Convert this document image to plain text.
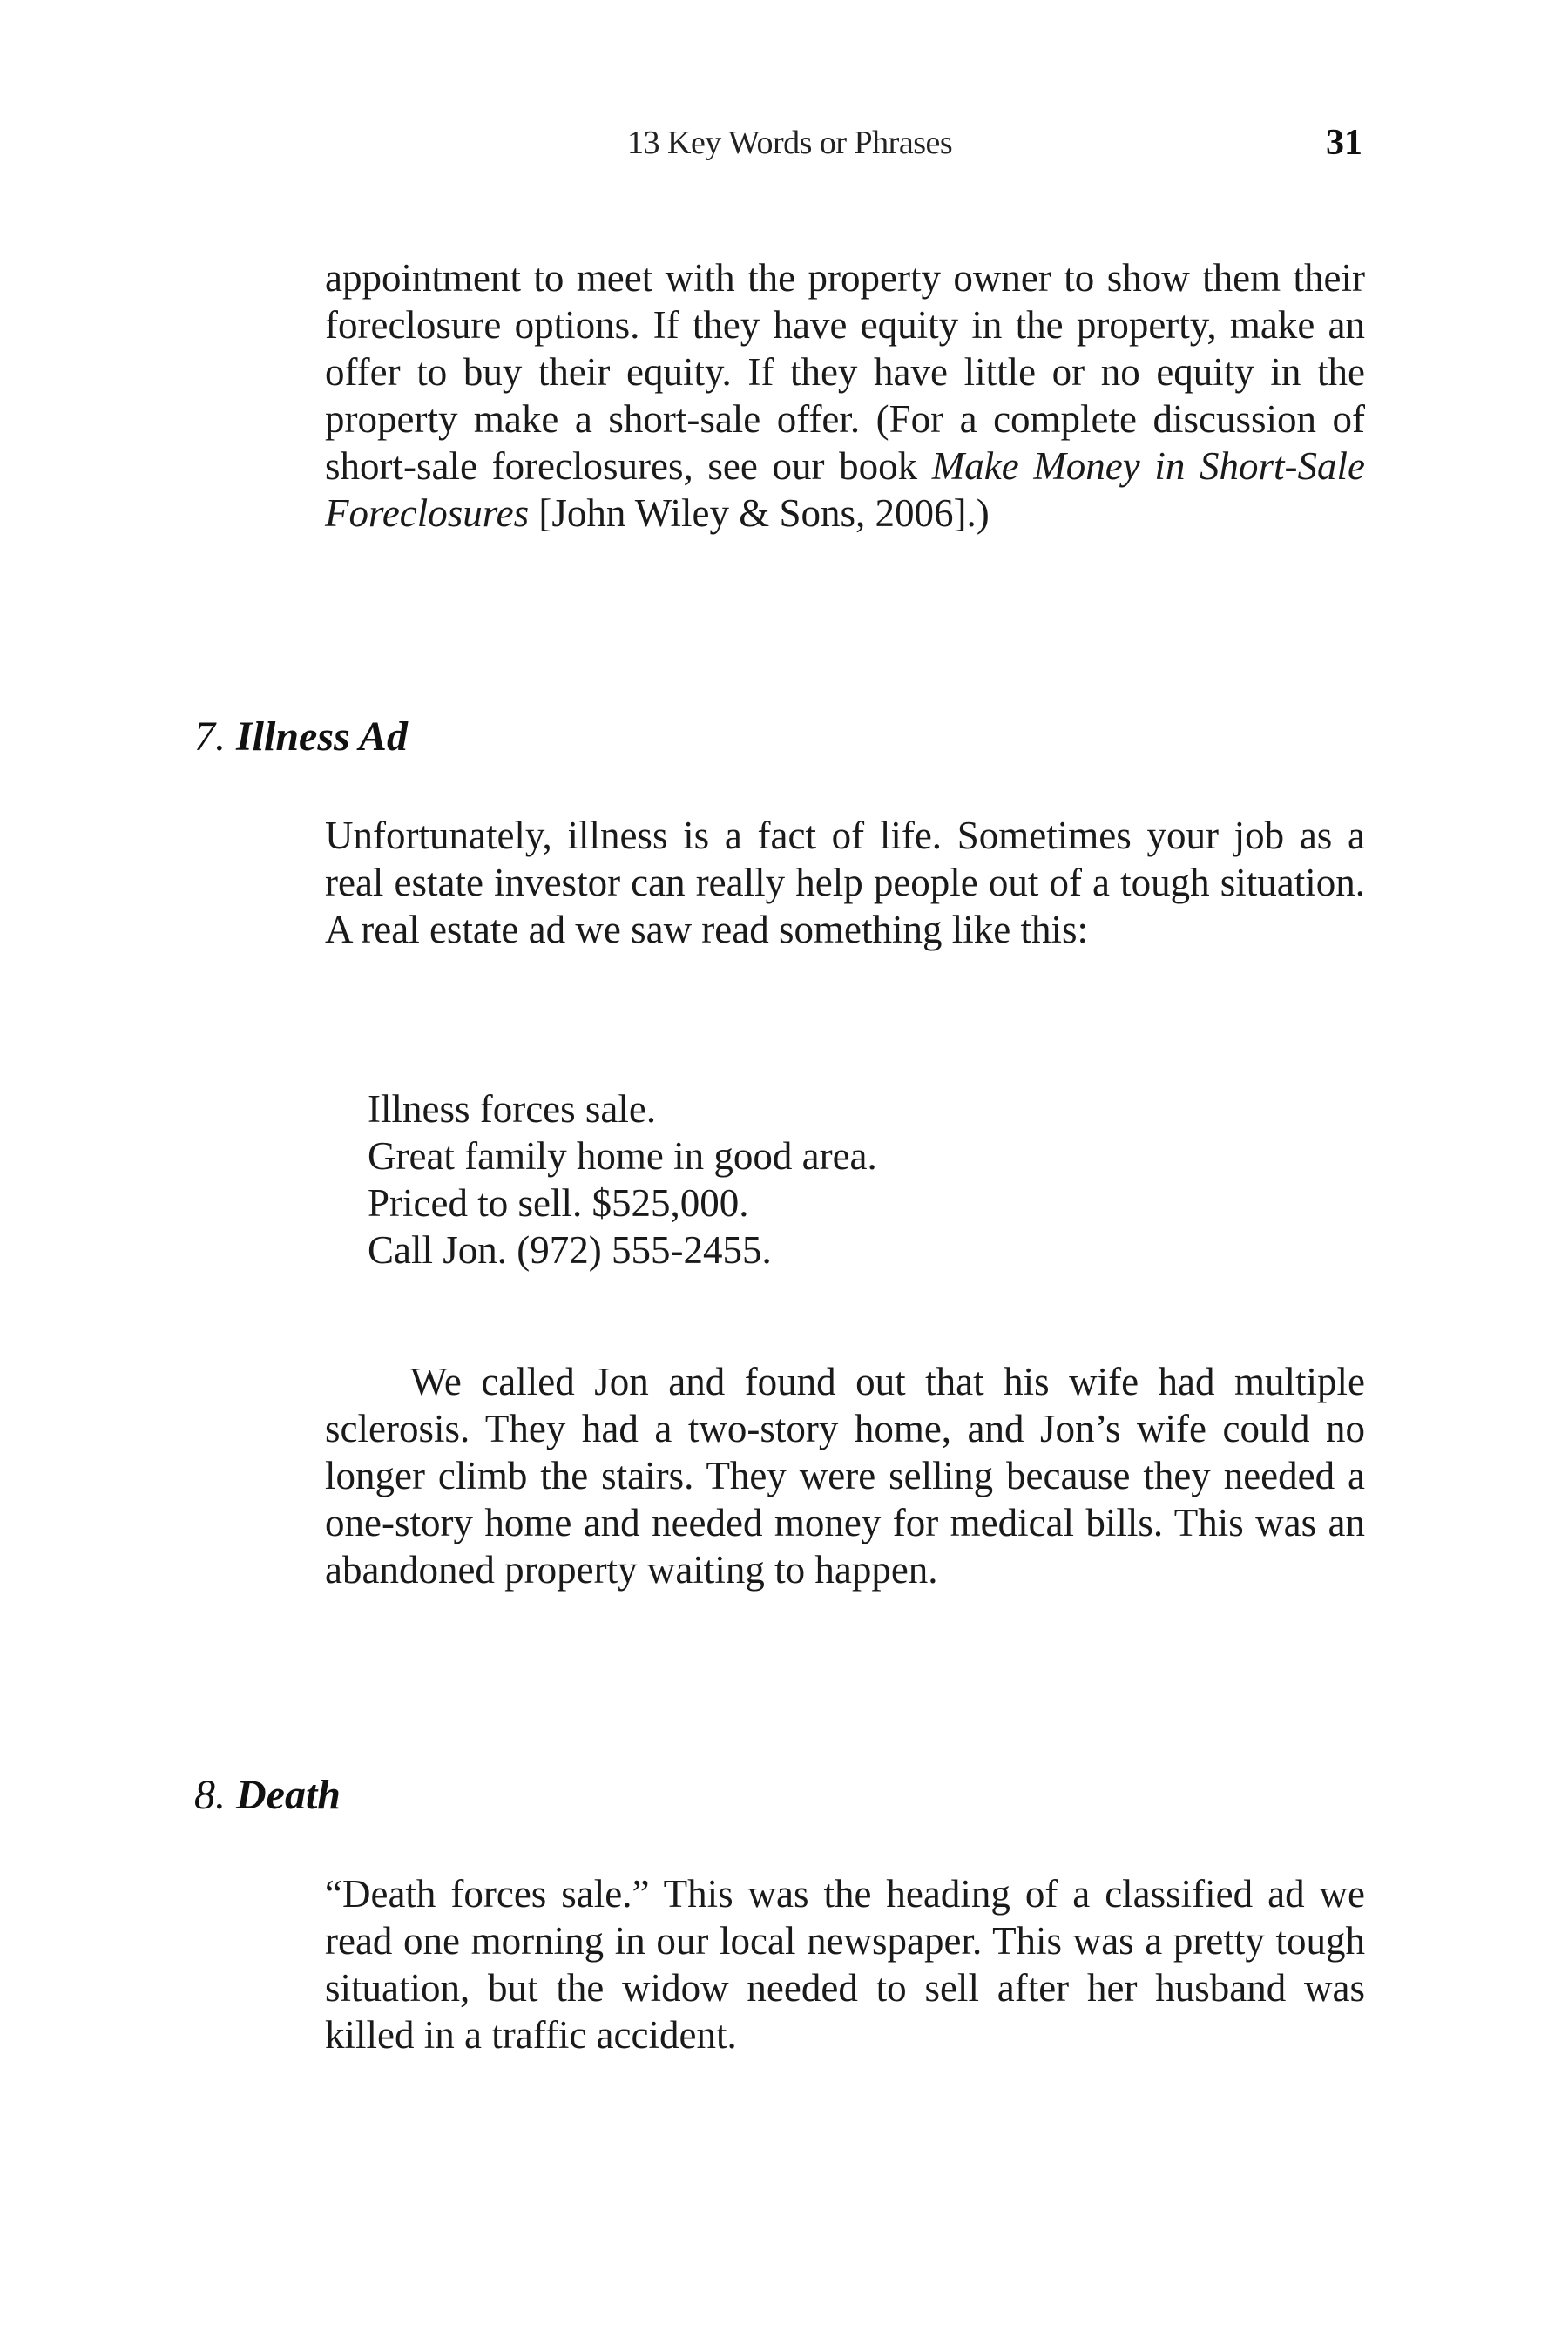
13 Key Words or Phrases	31

appointment to meet with the property owner to show them their foreclosure options. If they have equity in the property, make an offer to buy their equity. If they have little or no equity in the property make a short-sale offer. (For a complete discussion of short-sale foreclosures, see our book Make Money in Short-Sale Foreclosures [John Wiley & Sons, 2006].)

7. Illness Ad

Unfortunately, illness is a fact of life. Sometimes your job as a real estate investor can really help people out of a tough situation. A real estate ad we saw read something like this:

Illness forces sale.
Great family home in good area.
Priced to sell. $525,000.
Call Jon. (972) 555-2455.

We called Jon and found out that his wife had multiple sclerosis. They had a two-story home, and Jon’s wife could no longer climb the stairs. They were selling because they needed a one-story home and needed money for medical bills. This was an abandoned property waiting to happen.

8. Death

“Death forces sale.” This was the heading of a classified ad we read one morning in our local newspaper. This was a pretty tough situation, but the widow needed to sell after her husband was killed in a traffic accident.
